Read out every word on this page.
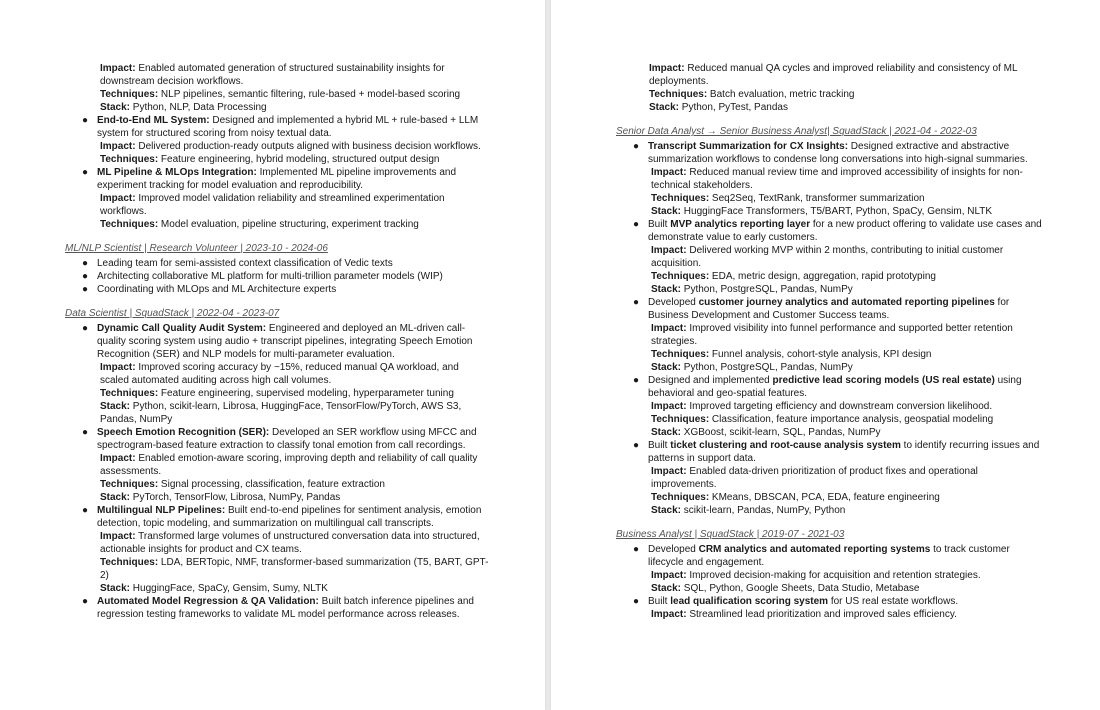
Impact: Enabled automated generation of structured sustainability insights for downstream decision workflows.
Techniques: NLP pipelines, semantic filtering, rule-based + model-based scoring
Stack: Python, NLP, Data Processing
● End-to-End ML System: Designed and implemented a hybrid ML + rule-based + LLM system for structured scoring from noisy textual data.
Impact: Delivered production-ready outputs aligned with business decision workflows.
Techniques: Feature engineering, hybrid modeling, structured output design
● ML Pipeline & MLOps Integration: Implemented ML pipeline improvements and experiment tracking for model evaluation and reproducibility.
Impact: Improved model validation reliability and streamlined experimentation workflows.
Techniques: Model evaluation, pipeline structuring, experiment tracking
ML/NLP Scientist | Research Volunteer | 2023-10 - 2024-06
● Leading team for semi-assisted context classification of Vedic texts
● Architecting collaborative ML platform for multi-trillion parameter models (WIP)
● Coordinating with MLOps and ML Architecture experts
Data Scientist | SquadStack | 2022-04 - 2023-07
● Dynamic Call Quality Audit System: Engineered and deployed an ML-driven call-quality scoring system using audio + transcript pipelines, integrating Speech Emotion Recognition (SER) and NLP models for multi-parameter evaluation.
Impact: Improved scoring accuracy by ~15%, reduced manual QA workload, and scaled automated auditing across high call volumes.
Techniques: Feature engineering, supervised modeling, hyperparameter tuning
Stack: Python, scikit-learn, Librosa, HuggingFace, TensorFlow/PyTorch, AWS S3, Pandas, NumPy
● Speech Emotion Recognition (SER): Developed an SER workflow using MFCC and spectrogram-based feature extraction to classify tonal emotion from call recordings.
Impact: Enabled emotion-aware scoring, improving depth and reliability of call quality assessments.
Techniques: Signal processing, classification, feature extraction
Stack: PyTorch, TensorFlow, Librosa, NumPy, Pandas
● Multilingual NLP Pipelines: Built end-to-end pipelines for sentiment analysis, emotion detection, topic modeling, and summarization on multilingual call transcripts.
Impact: Transformed large volumes of unstructured conversation data into structured, actionable insights for product and CX teams.
Techniques: LDA, BERTopic, NMF, transformer-based summarization (T5, BART, GPT-2)
Stack: HuggingFace, SpaCy, Gensim, Sumy, NLTK
● Automated Model Regression & QA Validation: Built batch inference pipelines and regression testing frameworks to validate ML model performance across releases.
Impact: Reduced manual QA cycles and improved reliability and consistency of ML deployments.
Techniques: Batch evaluation, metric tracking
Stack: Python, PyTest, Pandas
Senior Data Analyst → Senior Business Analyst| SquadStack | 2021-04 - 2022-03
● Transcript Summarization for CX Insights: Designed extractive and abstractive summarization workflows to condense long conversations into high-signal summaries.
Impact: Reduced manual review time and improved accessibility of insights for non-technical stakeholders.
Techniques: Seq2Seq, TextRank, transformer summarization
Stack: HuggingFace Transformers, T5/BART, Python, SpaCy, Gensim, NLTK
● Built MVP analytics reporting layer for a new product offering to validate use cases and demonstrate value to early customers.
Impact: Delivered working MVP within 2 months, contributing to initial customer acquisition.
Techniques: EDA, metric design, aggregation, rapid prototyping
Stack: Python, PostgreSQL, Pandas, NumPy
● Developed customer journey analytics and automated reporting pipelines for Business Development and Customer Success teams.
Impact: Improved visibility into funnel performance and supported better retention strategies.
Techniques: Funnel analysis, cohort-style analysis, KPI design
Stack: Python, PostgreSQL, Pandas, NumPy
● Designed and implemented predictive lead scoring models (US real estate) using behavioral and geo-spatial features.
Impact: Improved targeting efficiency and downstream conversion likelihood.
Techniques: Classification, feature importance analysis, geospatial modeling
Stack: XGBoost, scikit-learn, SQL, Pandas, NumPy
● Built ticket clustering and root-cause analysis system to identify recurring issues and patterns in support data.
Impact: Enabled data-driven prioritization of product fixes and operational improvements.
Techniques: KMeans, DBSCAN, PCA, EDA, feature engineering
Stack: scikit-learn, Pandas, NumPy, Python
Business Analyst | SquadStack | 2019-07 - 2021-03
● Developed CRM analytics and automated reporting systems to track customer lifecycle and engagement.
Impact: Improved decision-making for acquisition and retention strategies.
Stack: SQL, Python, Google Sheets, Data Studio, Metabase
● Built lead qualification scoring system for US real estate workflows.
Impact: Streamlined lead prioritization and improved sales efficiency.
